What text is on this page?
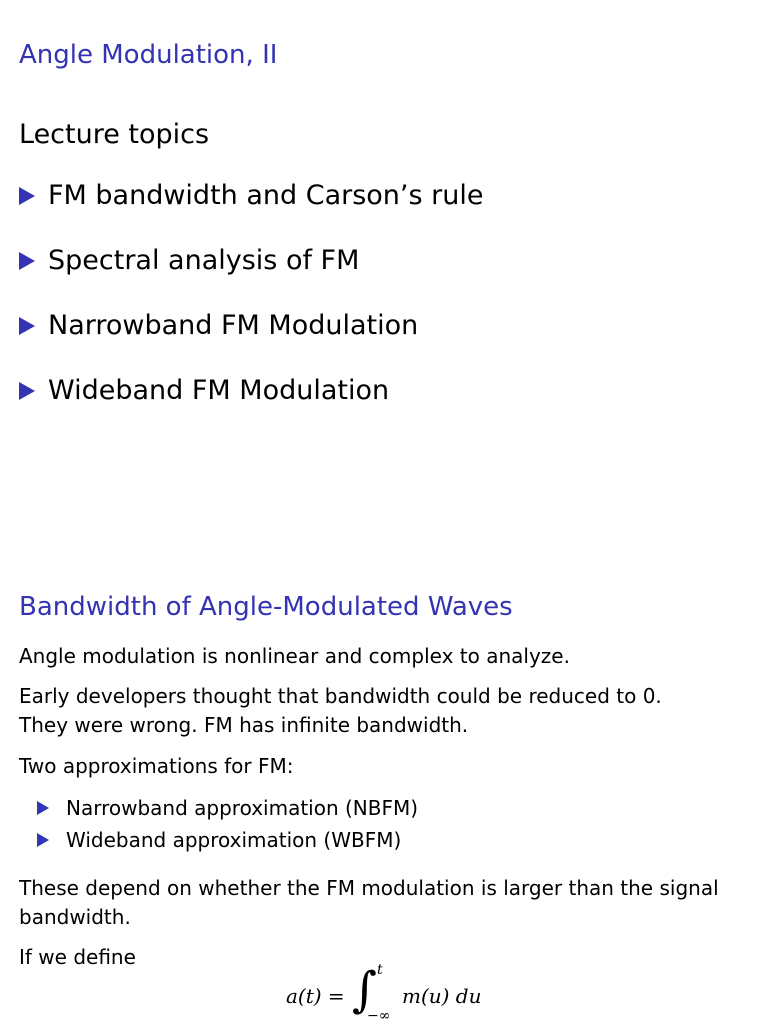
Angle Modulation, II
Lecture topics
FM bandwidth and Carson’s rule
Spectral analysis of FM
Narrowband FM Modulation
Wideband FM Modulation
Bandwidth of Angle-Modulated Waves
Angle modulation is nonlinear and complex to analyze.
Early developers thought that bandwidth could be reduced to 0.
They were wrong. FM has infinite bandwidth.
Two approximations for FM:
Narrowband approximation (NBFM)
Wideband approximation (WBFM)
These depend on whether the FM modulation is larger than the signal
bandwidth.
If we define
a(t) = ∫ t
−∞
m(u) du
